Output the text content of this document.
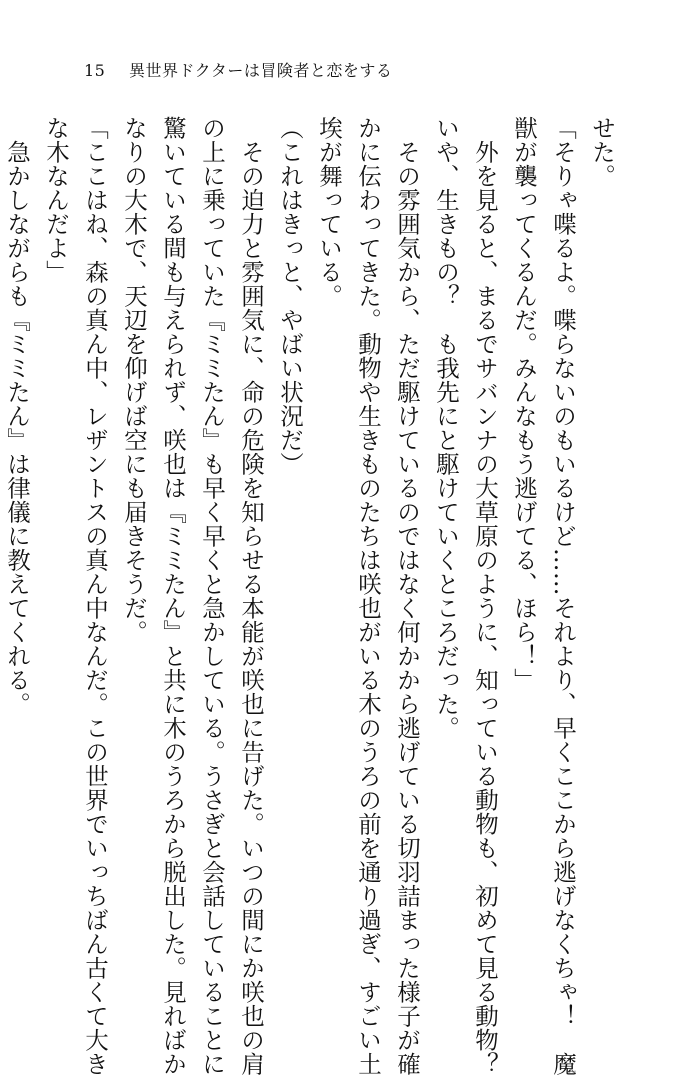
15 異世界ドクターは冒険者と恋をする
せた。
「そりゃ喋るよ。喋らないのもいるけど……それより、早くここから逃げなくちゃ！　魔
獣が襲ってくるんだ。みんなもう逃げてる、ほら！」
外を見ると、まるでサバンナの大草原のように、知っている動物も、初めて見る動物？
いや、生きもの？　も我先にと駆けていくところだった。
その雰囲気から、ただ駆けているのではなく何かから逃げている切羽詰まった様子が確
かに伝わってきた。動物や生きものたちは咲也がいる木のうろの前を通り過ぎ、すごい土
埃が舞っている。
（これはきっと、やばい状況だ）
その迫力と雰囲気に、命の危険を知らせる本能が咲也に告げた。いつの間にか咲也の肩
の上に乗っていた『ミミたん』も早く早くと急かしている。うさぎと会話していることに
驚いている間も与えられず、咲也は『ミミたん』と共に木のうろから脱出した。見ればか
なりの大木で、天辺を仰げば空にも届きそうだ。
「ここはね、森の真ん中、レザントスの真ん中なんだ。この世界でいっちばん古くて大き
な木なんだよ」
急かしながらも『ミミたん』は律儀に教えてくれる。
